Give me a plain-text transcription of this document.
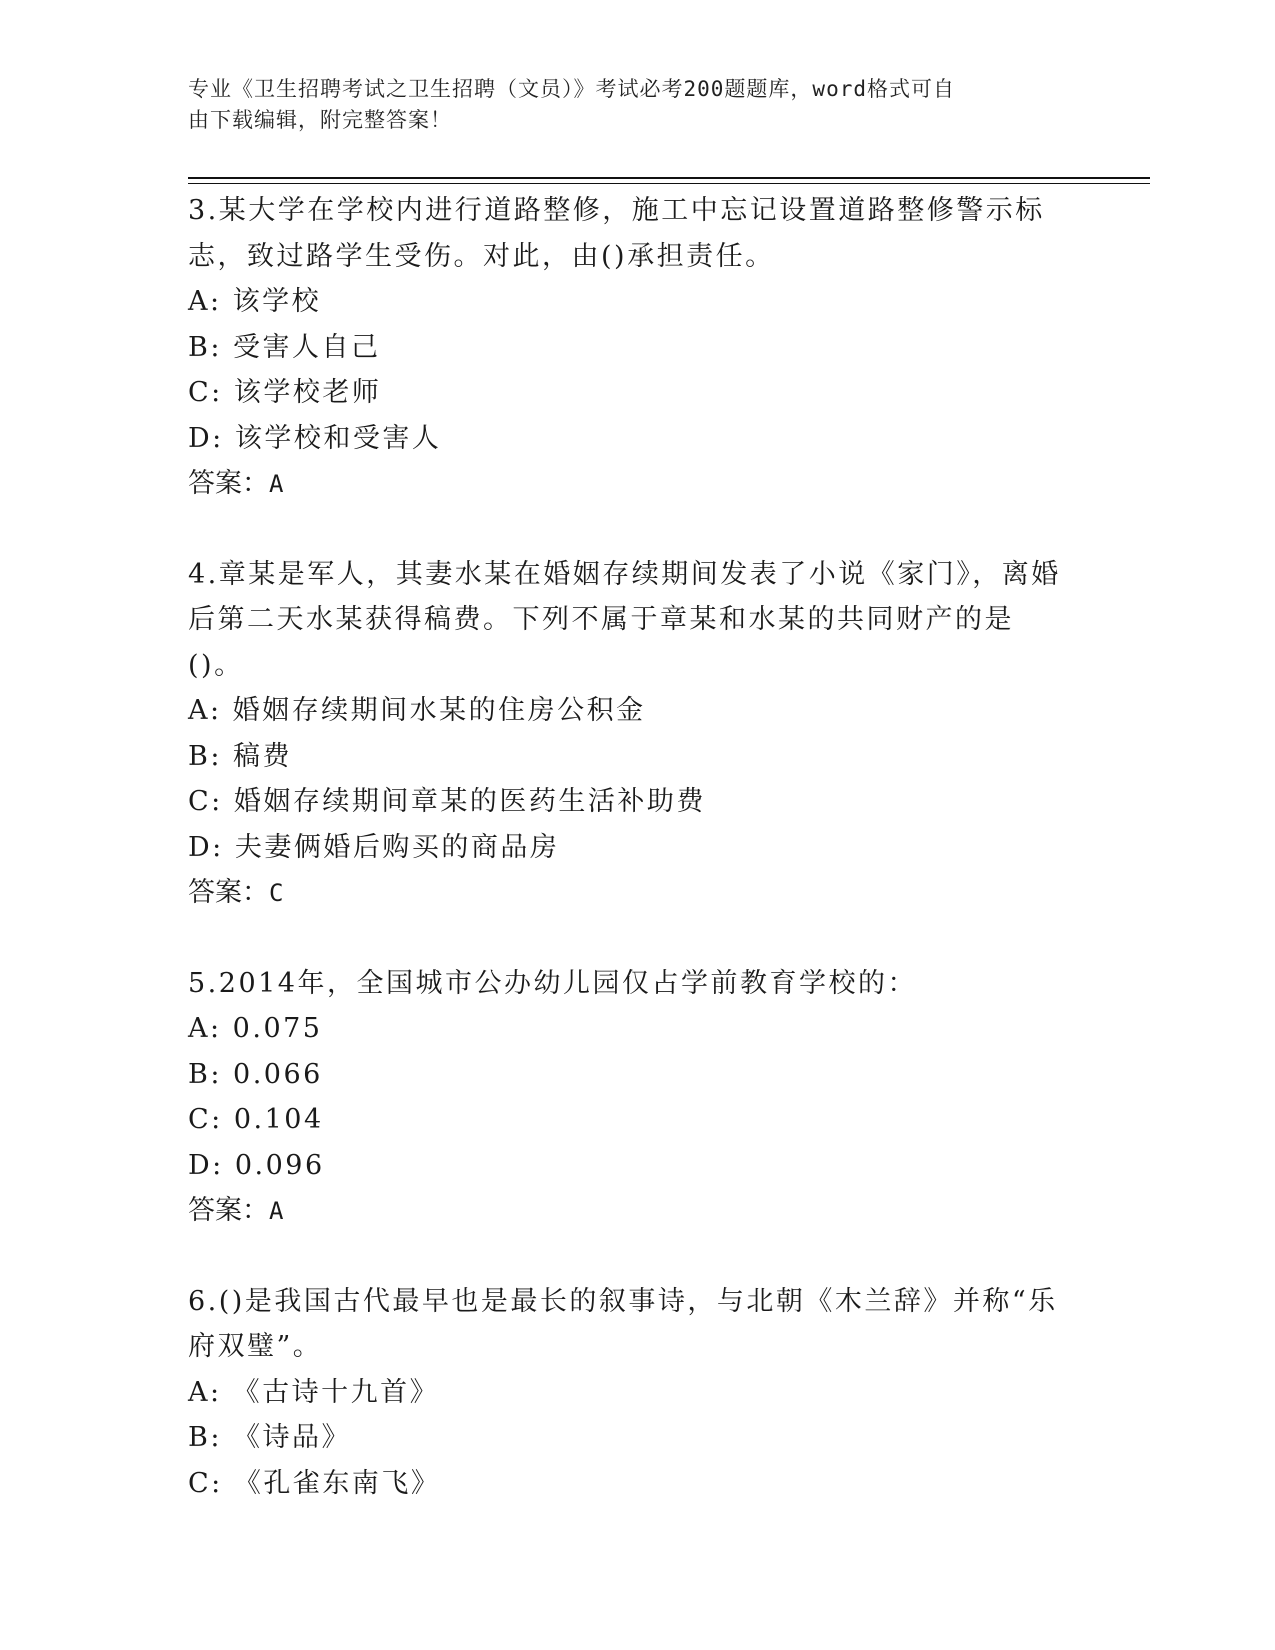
专业《卫生招聘考试之卫生招聘（文员）》考试必考200题题库，word格式可自
由下载编辑，附完整答案！

3.某大学在学校内进行道路整修，施工中忘记设置道路整修警示标志，致过路学生受伤。对此，由()承担责任。

A: 该学校

B: 受害人自己

C: 该学校老师

D: 该学校和受害人

答案：A

4.章某是军人，其妻水某在婚姻存续期间发表了小说《家门》，离婚后第二天水某获得稿费。下列不属于章某和水某的共同财产的是()。

A: 婚姻存续期间水某的住房公积金

B: 稿费

C: 婚姻存续期间章某的医药生活补助费

D: 夫妻俩婚后购买的商品房

答案：C

5.2014年，全国城市公办幼儿园仅占学前教育学校的：

A: 0.075

B: 0.066

C: 0.104

D: 0.096

答案：A

6.()是我国古代最早也是最长的叙事诗，与北朝《木兰辞》并称“乐府双璧”。

A: 《古诗十九首》

B: 《诗品》

C: 《孔雀东南飞》
